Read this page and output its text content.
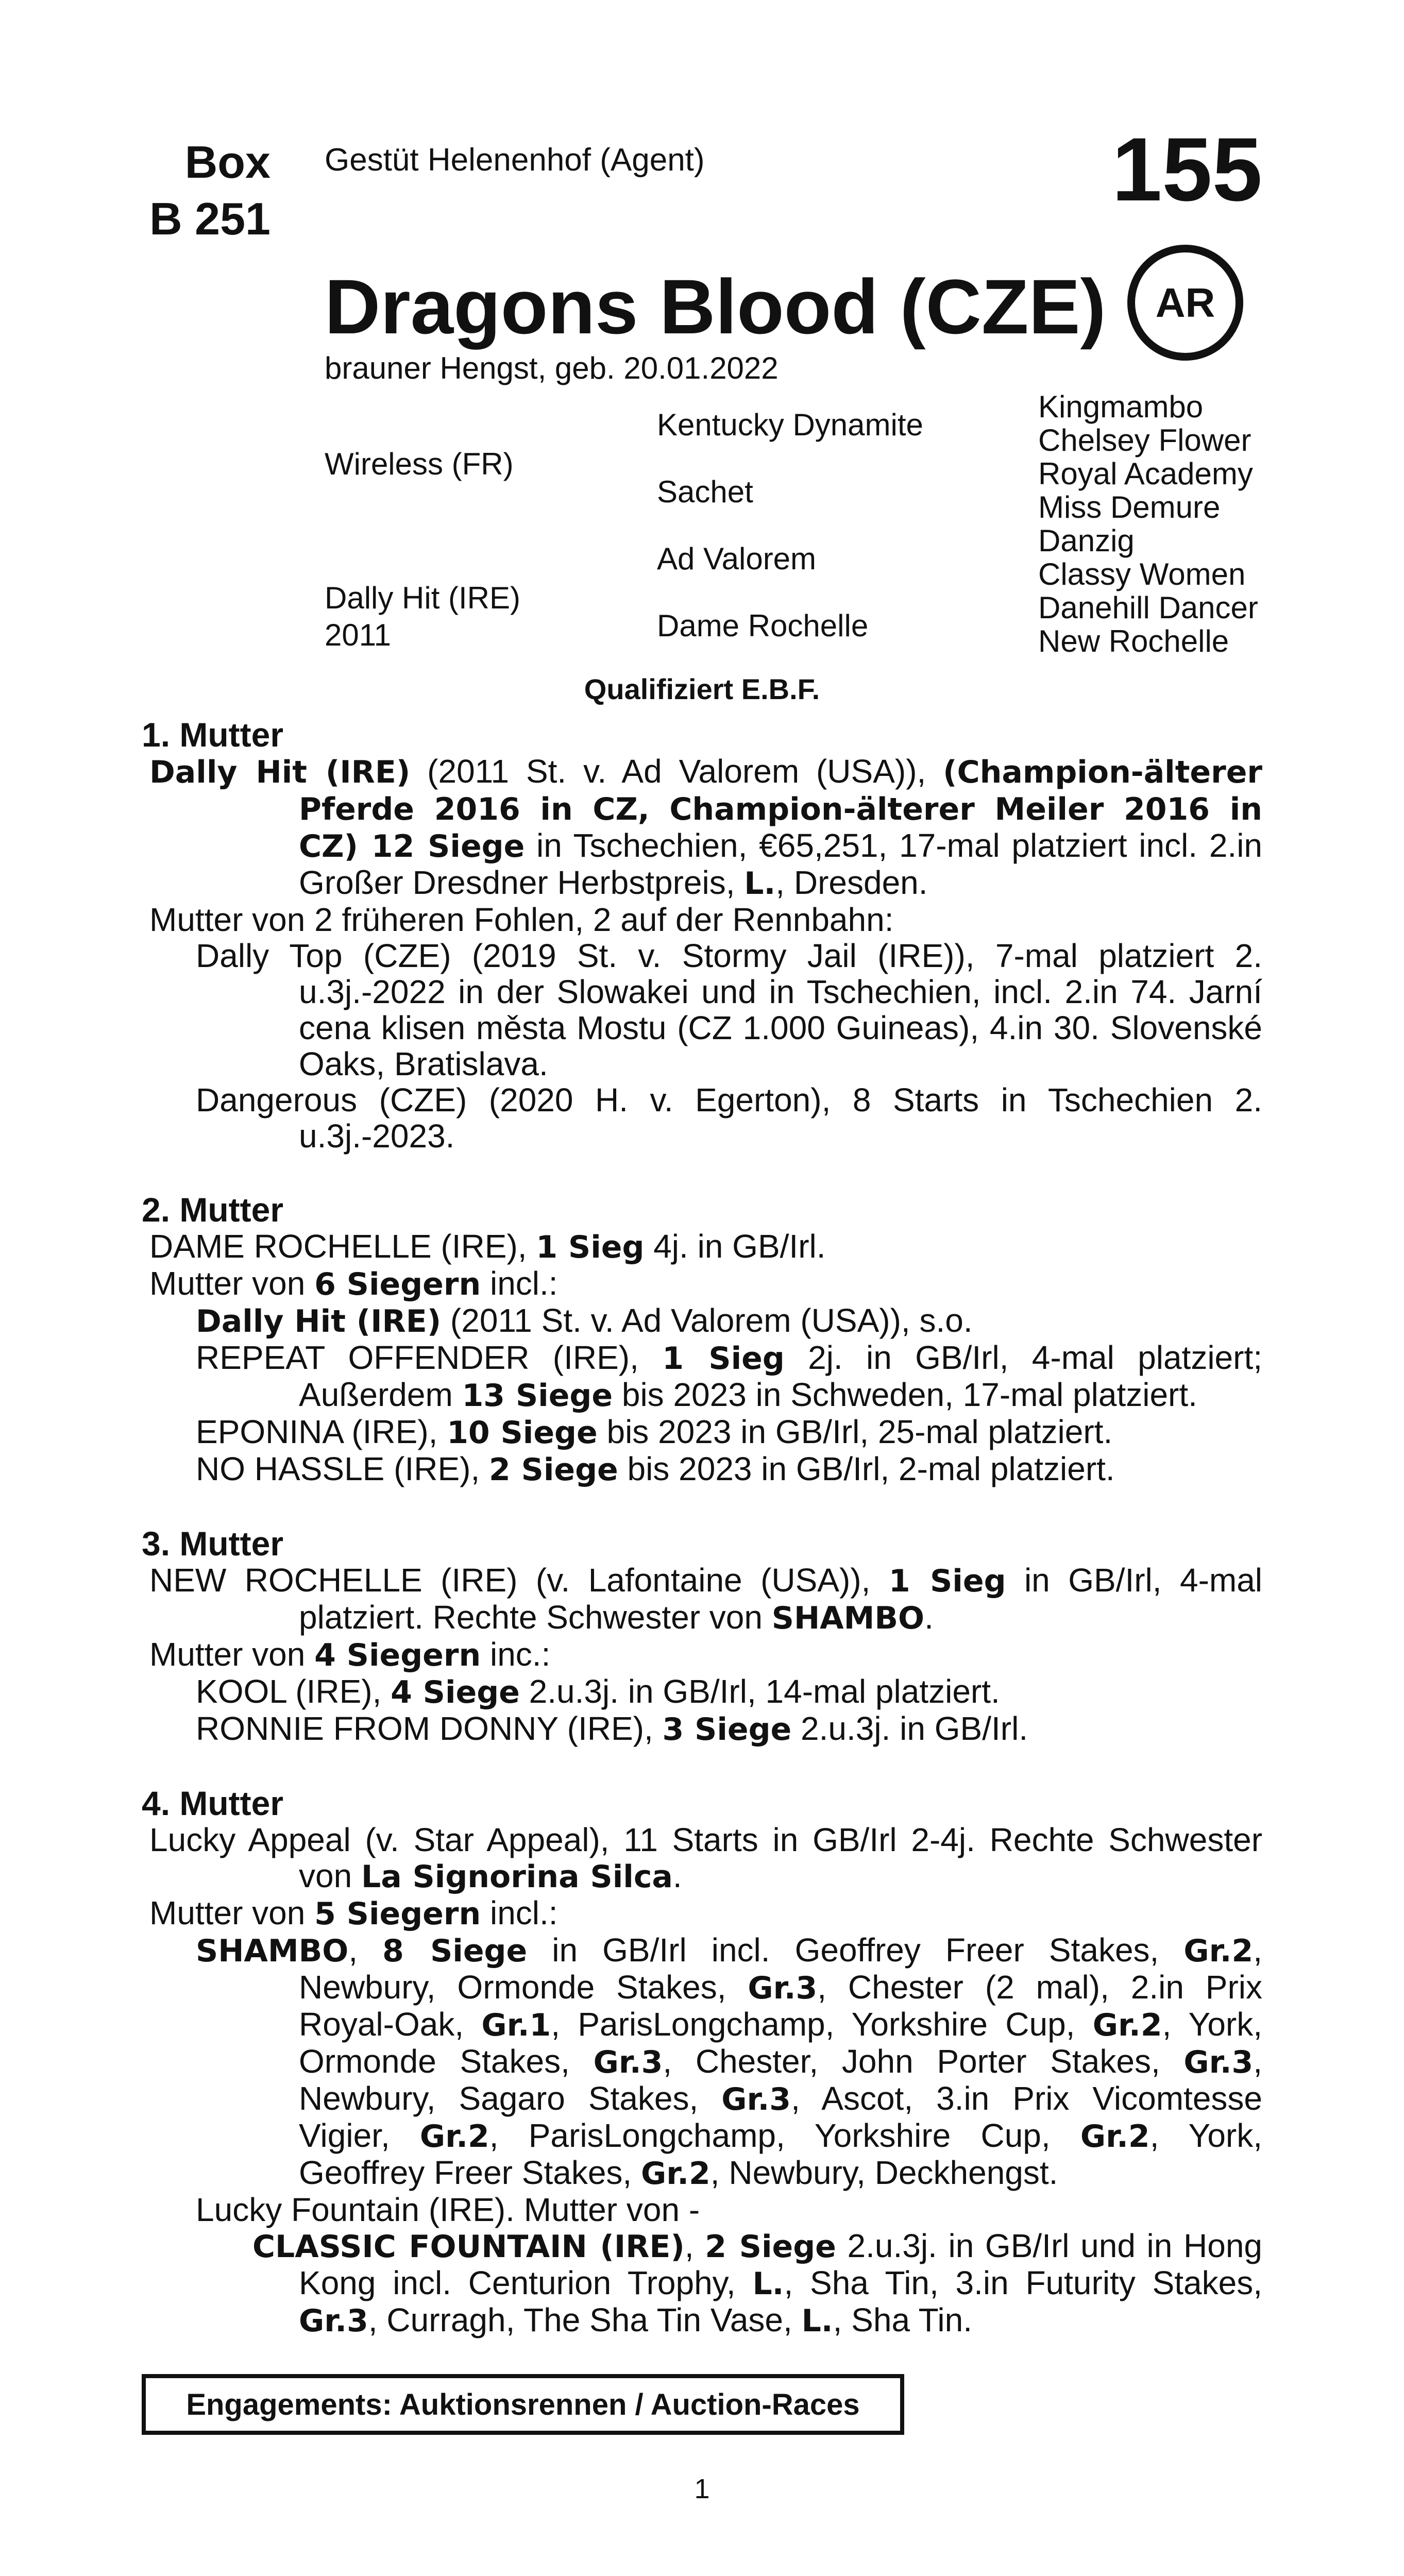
Box
B 251
Gestüt Helenenhof (Agent)	155
Dragons Blood (CZE) AR
brauner Hengst, geb. 20.01.2022
Wireless (FR)
Dally Hit (IRE)
2011
Kentucky Dynamite
Sachet
Ad Valorem
Dame Rochelle
Kingmambo
Chelsey Flower
Royal Academy
Miss Demure
Danzig
Classy Women
Danehill Dancer
New Rochelle
Qualifiziert E.B.F.
1. Mutter
Dally Hit (IRE) (2011 St. v. Ad Valorem (USA)), (Champion-älterer Pferde 2016 in CZ, Champion-älterer Meiler 2016 in CZ) 12 Siege in Tschechien, €65,251, 17-mal platziert incl. 2.in Großer Dresdner Herbstpreis, L., Dresden.
Mutter von 2 früheren Fohlen, 2 auf der Rennbahn:
Dally Top (CZE) (2019 St. v. Stormy Jail (IRE)), 7-mal platziert 2. u.3j.-2022 in der Slowakei und in Tschechien, incl. 2.in 74. Jarní cena klisen města Mostu (CZ 1.000 Guineas), 4.in 30. Slovenské Oaks, Bratislava.
Dangerous (CZE) (2020 H. v. Egerton), 8 Starts in Tschechien 2. u.3j.-2023.
2. Mutter
DAME ROCHELLE (IRE), 1 Sieg 4j. in GB/Irl.
Mutter von 6 Siegern incl.:
Dally Hit (IRE) (2011 St. v. Ad Valorem (USA)), s.o.
REPEAT OFFENDER (IRE), 1 Sieg 2j. in GB/Irl, 4-mal platziert; Außerdem 13 Siege bis 2023 in Schweden, 17-mal platziert.
EPONINA (IRE), 10 Siege bis 2023 in GB/Irl, 25-mal platziert.
NO HASSLE (IRE), 2 Siege bis 2023 in GB/Irl, 2-mal platziert.
3. Mutter
NEW ROCHELLE (IRE) (v. Lafontaine (USA)), 1 Sieg in GB/Irl, 4-mal platziert. Rechte Schwester von SHAMBO.
Mutter von 4 Siegern inc.:
KOOL (IRE), 4 Siege 2.u.3j. in GB/Irl, 14-mal platziert.
RONNIE FROM DONNY (IRE), 3 Siege 2.u.3j. in GB/Irl.
4. Mutter
Lucky Appeal (v. Star Appeal), 11 Starts in GB/Irl 2-4j. Rechte Schwester von La Signorina Silca.
Mutter von 5 Siegern incl.:
SHAMBO, 8 Siege in GB/Irl incl. Geoffrey Freer Stakes, Gr.2, Newbury, Ormonde Stakes, Gr.3, Chester (2 mal), 2.in Prix Royal-Oak, Gr.1, ParisLongchamp, Yorkshire Cup, Gr.2, York, Ormonde Stakes, Gr.3, Chester, John Porter Stakes, Gr.3, Newbury, Sagaro Stakes, Gr.3, Ascot, 3.in Prix Vicomtesse Vigier, Gr.2, ParisLongchamp, Yorkshire Cup, Gr.2, York, Geoffrey Freer Stakes, Gr.2, Newbury, Deckhengst.
Lucky Fountain (IRE). Mutter von -
CLASSIC FOUNTAIN (IRE), 2 Siege 2.u.3j. in GB/Irl und in Hong Kong incl. Centurion Trophy, L., Sha Tin, 3.in Futurity Stakes, Gr.3, Curragh, The Sha Tin Vase, L., Sha Tin.
Engagements: Auktionsrennen / Auction-Races
1
